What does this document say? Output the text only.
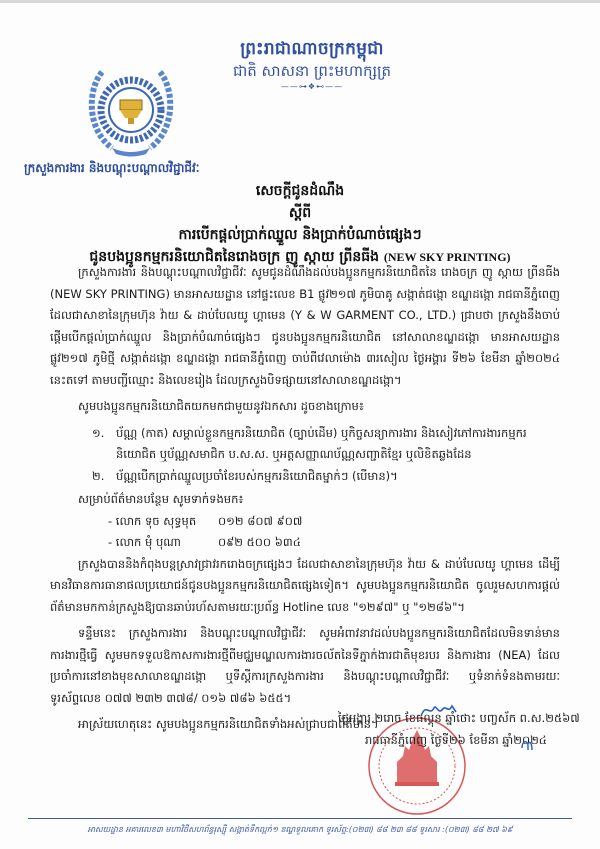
ព្រះរាជាណាចក្រកម្ពុជា
ជាតិ សាសនា ព្រះមហាក្សត្រ
——⊶❖⊷——
ក្រសួងការងារ និងបណ្តុះបណ្តាលវិជ្ជាជីវៈ
សេចក្តីជូនដំណឹង
ស្តីពី
ការបើកផ្តល់ប្រាក់ឈ្នួល និងប្រាក់បំណាច់ផ្សេងៗ
ជូនបងប្អូនកម្មករនិយោជិតនៃរោងចក្រ ញូ ស្កាយ ព្រីនធីង (NEW SKY PRINTING)

ក្រសួងការងារ និងបណ្តុះបណ្តាលវិជ្ជាជីវៈ សូមជូនដំណឹងដល់បងប្អូនកម្មករនិយោជិតនៃ រោងចក្រ ញូ ស្កាយ ព្រីនធីង (NEW SKY PRINTING) មានអាសយដ្ឋាន នៅផ្ទះលេខ B1 ផ្លូវ២១៧ ភូមិបាគូ សង្កាត់ជង្កោ ខណ្ឌដង្កោ រាជធានីភ្នំពេញ ដែលជាសាខានៃក្រុមហ៊ុន វ៉ាយ & ដាប់បែលយូ ហ្គាមេន (Y & W GARMENT CO., LTD.) ជ្រាបថា ក្រសួងនឹងចាប់ផ្តើមបើកផ្តល់ប្រាក់ឈ្នួល និងប្រាក់បំណាច់ផ្សេងៗ ជូនបងប្អូនកម្មករនិយោជិត នៅសាលាខណ្ឌដង្កោ មានអាសយដ្ឋាន ផ្លូវ២១៧ ភូមិថ្មី សង្កាត់ដង្កោ ខណ្ឌដង្កោ រាជធានីភ្នំពេញ ចាប់ពីវេលាម៉ោង ៣រសៀល ថ្ងៃអង្គារ ទី២៦ ខែមីនា ឆ្នាំ២០២៤ នេះតទៅ តាមបញ្ជីឈ្មោះ និងលេខរៀង ដែលក្រសួងបិទផ្សាយនៅសាលាខណ្ឌដង្កោ។

សូមបងប្អូនកម្មករនិយោជិតយកមកជាមួយនូវឯកសារ ដូចខាងក្រោម៖

១.	ប័ណ្ណ (កាត) សម្គាល់ខ្លួនកម្មករនិយោជិត (ច្បាប់ដើម) ឬកិច្ចសន្យាការងារ និងសៀវភៅការងារកម្មករនិយោជិត ឬប័ណ្ណសមាជិក ប.ស.ស. ឬអត្តសញ្ញាណប័ណ្ណសញ្ជាតិខ្មែរ ឬលិខិតឆ្លងដែន
២.	ប័ណ្ណបើកប្រាក់ឈ្នួលប្រចាំខែរបស់កម្មករនិយោជិតម្នាក់ៗ (បើមាន)។
សម្រាប់ព័ត៌មានបន្ថែម សូមទាក់ទងមក៖
- លោក ទុច សុទ្ធមុត	០១២ ៨០៧ ៩០៧
- លោក មុំ បុណា	០៩២ ៥០០ ៦៣៤

ក្រសួងបាននិងកំពុងបន្តស្រាវជ្រាវរករោងចក្រផ្សេងៗ ដែលជាសាខានៃក្រុមហ៊ុន វ៉ាយ & ដាប់បែលយូ ហ្គាមេន ដើម្បីមានវិធានការធានាផលប្រយោជន៍ជូនបងប្អូនកម្មករនិយោជិតផ្សេងទៀត។ សូមបងប្អូនកម្មករនិយោជិត ចូលរួមសហការផ្តល់ព័ត៌មានមកកាន់ក្រសួងឱ្យបានឆាប់រហ័សតាមរយៈប្រព័ន្ធ Hotline លេខ "១២៩៧" ឬ "១២៨៦"។

ទន្ទឹមនេះ ក្រសួងការងារ និងបណ្តុះបណ្តាលវិជ្ជាជីវៈ សូមអំពាវនាវដល់បងប្អូនកម្មករនិយោជិតដែលមិនទាន់មានការងារថ្មីធ្វើ សូមមកទទួលឱកាសការងារថ្មីពីមជ្ឈមណ្ឌលការងារចល័តនៃទីភ្នាក់ងារជាតិមុខរបរ និងការងារ (NEA) ដែលប្រចាំការនៅខាងមុខសាលាខណ្ឌដង្កោ ឬទីស្តីការក្រសួងការងារ និងបណ្តុះបណ្តាលវិជ្ជាជីវៈ ឬទំនាក់ទំនងតាមរយៈទូរស័ព្ទលេខ ០៧៧ ២៣២ ៣៧៨/ ០១៦ ៧៨៦ ៦៥៥។

អាស្រ័យហេតុនេះ សូមបងប្អូនកម្មករនិយោជិតទាំងអស់ជ្រាបជាព័ត៌មាន។

ថ្ងៃអង្គារ ២រោច ខែផល្គុន ឆ្នាំថោះ បញ្ចស័ក ព.ស.២៥៦៧
រាជធានីភ្នំពេញ ថ្ងៃទី២៦ ខែមីនា ឆ្នាំ២០២៤
អាសយដ្ឋាន អគារលេខ៣ មហាវិថីសហព័ន្ធរុស្ស៊ី សង្កាត់ទឹកល្អក់១ ខណ្ឌទួលគោក ទូរស័ព្ទ:(០២៣) ៨៨ ២៣ ៨៨ ទូរសារ :(០២៣) ៨៨ ២៧ ៦៩
